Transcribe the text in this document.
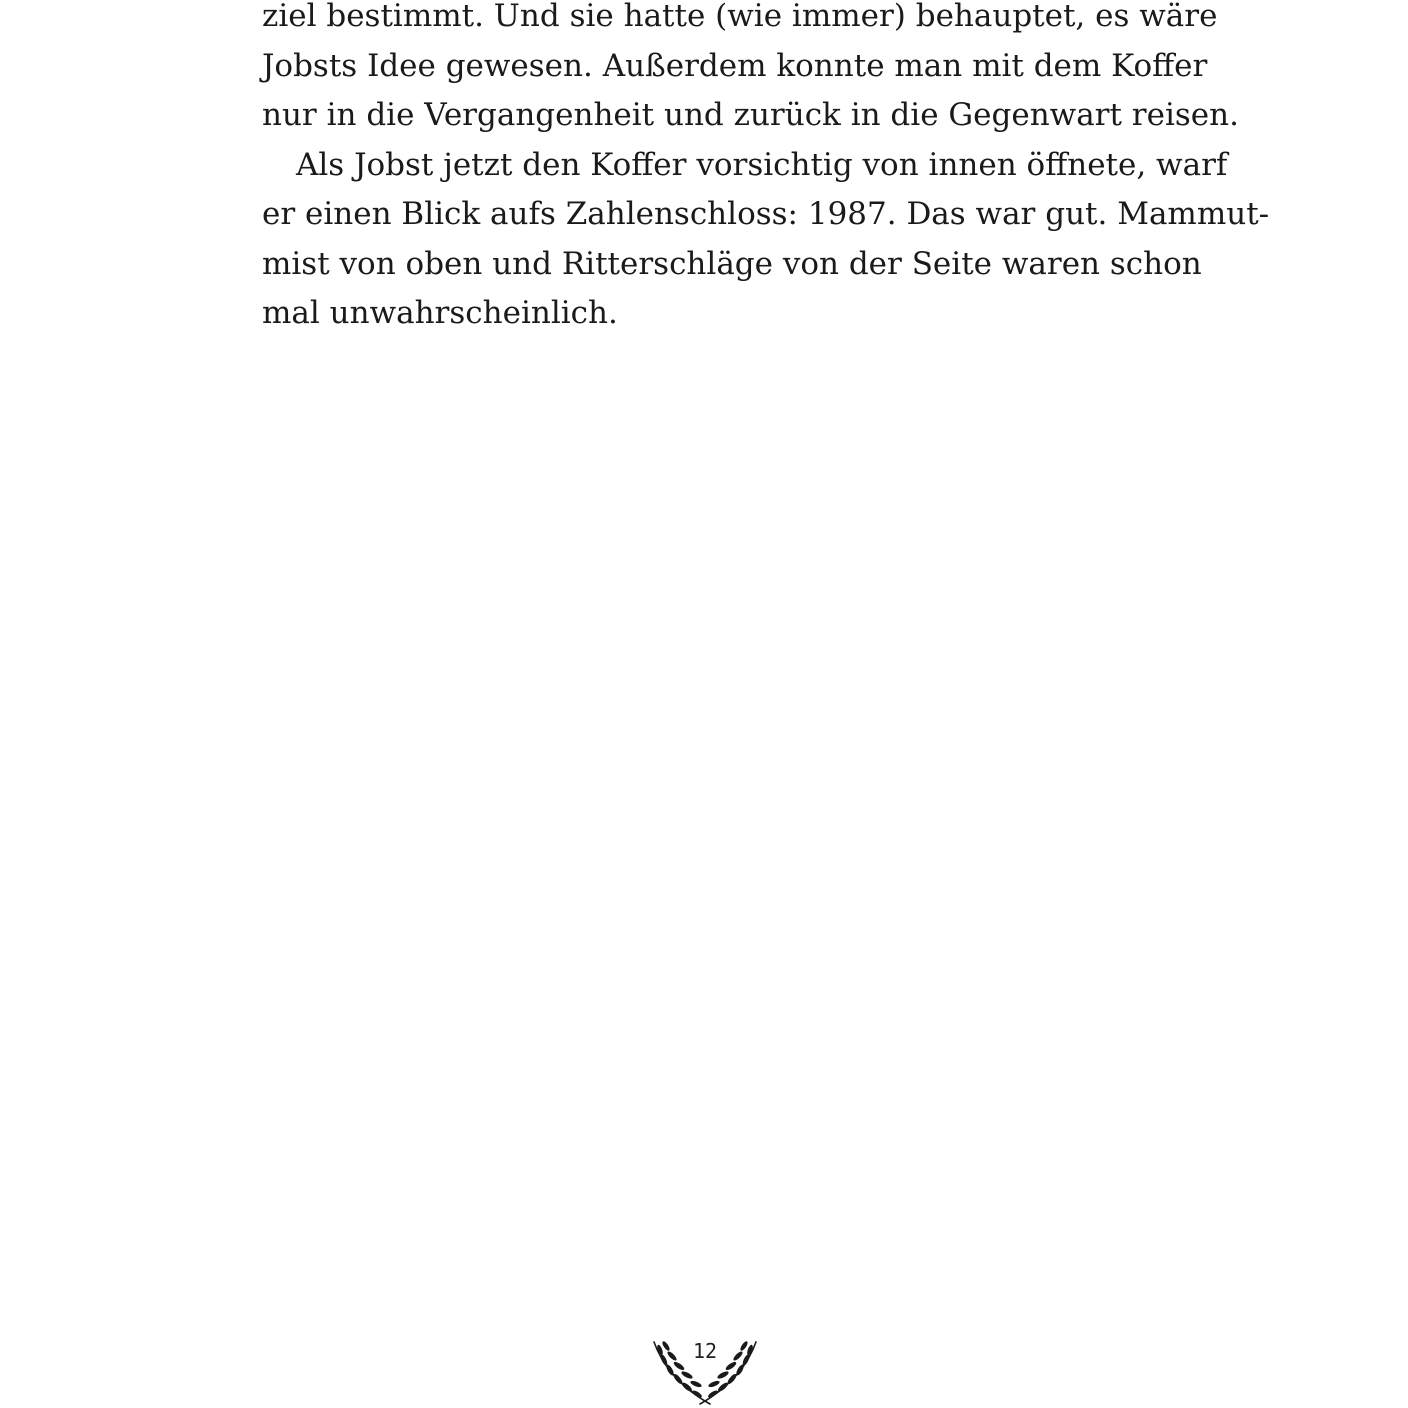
ziel bestimmt. Und sie hatte (wie immer) behauptet, es wäre
Jobsts Idee gewesen. Außerdem konnte man mit dem Koffer
nur in die Vergangenheit und zurück in die Gegenwart reisen.
Als Jobst jetzt den Koffer vorsichtig von innen öffnete, warf
er einen Blick aufs Zahlenschloss: 1987. Das war gut. Mammut-
mist von oben und Ritterschläge von der Seite waren schon
mal unwahrscheinlich.
12
